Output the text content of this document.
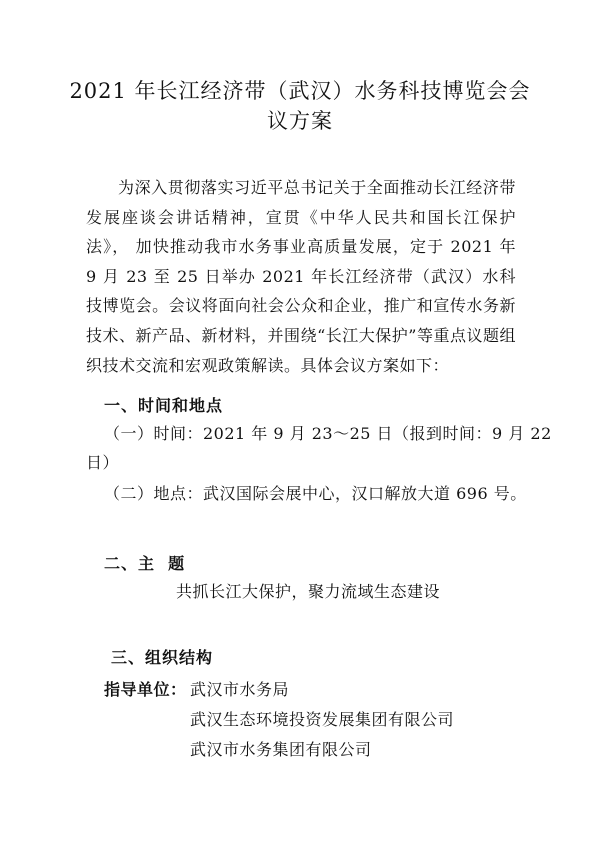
2021 年长江经济带（武汉）水务科技博览会会
议方案
为深入贯彻落实习近平总书记关于全面推动长江经济带发展座谈会讲话精神，宣贯《中华人民共和国长江保护法》， 加快推动我市水务事业高质量发展，定于 2021 年 9 月 23 至 25 日举办 2021 年长江经济带（武汉）水科技博览会。会议将面向社会公众和企业，推广和宣传水务新技术、新产品、新材料，并围绕“长江大保护”等重点议题组织技术交流和宏观政策解读。具体会议方案如下：
一、时间和地点
（一）时间：2021 年 9 月 23～25 日（报到时间：9 月 22
日）
（二）地点：武汉国际会展中心，汉口解放大道 696 号。
二、主  题
共抓长江大保护，聚力流域生态建设
三、组织结构
指导单位： 武汉市水务局
武汉生态环境投资发展集团有限公司
武汉市水务集团有限公司
